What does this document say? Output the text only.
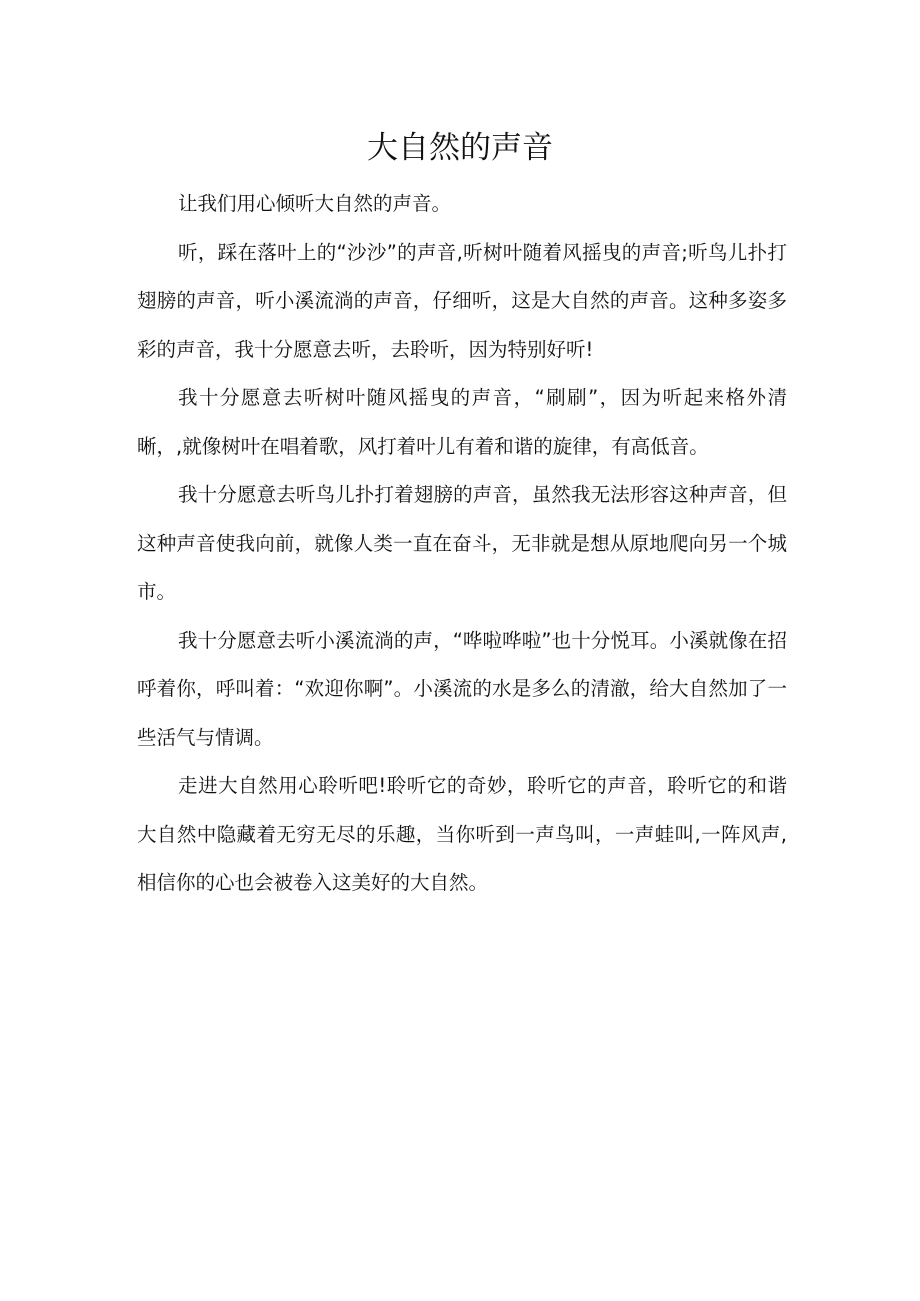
大自然的声音

让我们用心倾听大自然的声音。

听，踩在落叶上的“沙沙”的声音,听树叶随着风摇曳的声音;听鸟儿扑打翅膀的声音，听小溪流淌的声音，仔细听，这是大自然的声音。这种多姿多彩的声音，我十分愿意去听，去聆听，因为特别好听!

我十分愿意去听树叶随风摇曳的声音，“刷刷”，因为听起来格外清晰，,就像树叶在唱着歌，风打着叶儿有着和谐的旋律，有高低音。

我十分愿意去听鸟儿扑打着翅膀的声音，虽然我无法形容这种声音，但这种声音使我向前，就像人类一直在奋斗，无非就是想从原地爬向另一个城市。

我十分愿意去听小溪流淌的声，“哗啦哗啦”也十分悦耳。小溪就像在招呼着你，呼叫着：“欢迎你啊”。小溪流的水是多么的清澈，给大自然加了一些活气与情调。

走进大自然用心聆听吧!聆听它的奇妙，聆听它的声音，聆听它的和谐大自然中隐藏着无穷无尽的乐趣，当你听到一声鸟叫，一声蛙叫,一阵风声,相信你的心也会被卷入这美好的大自然。
